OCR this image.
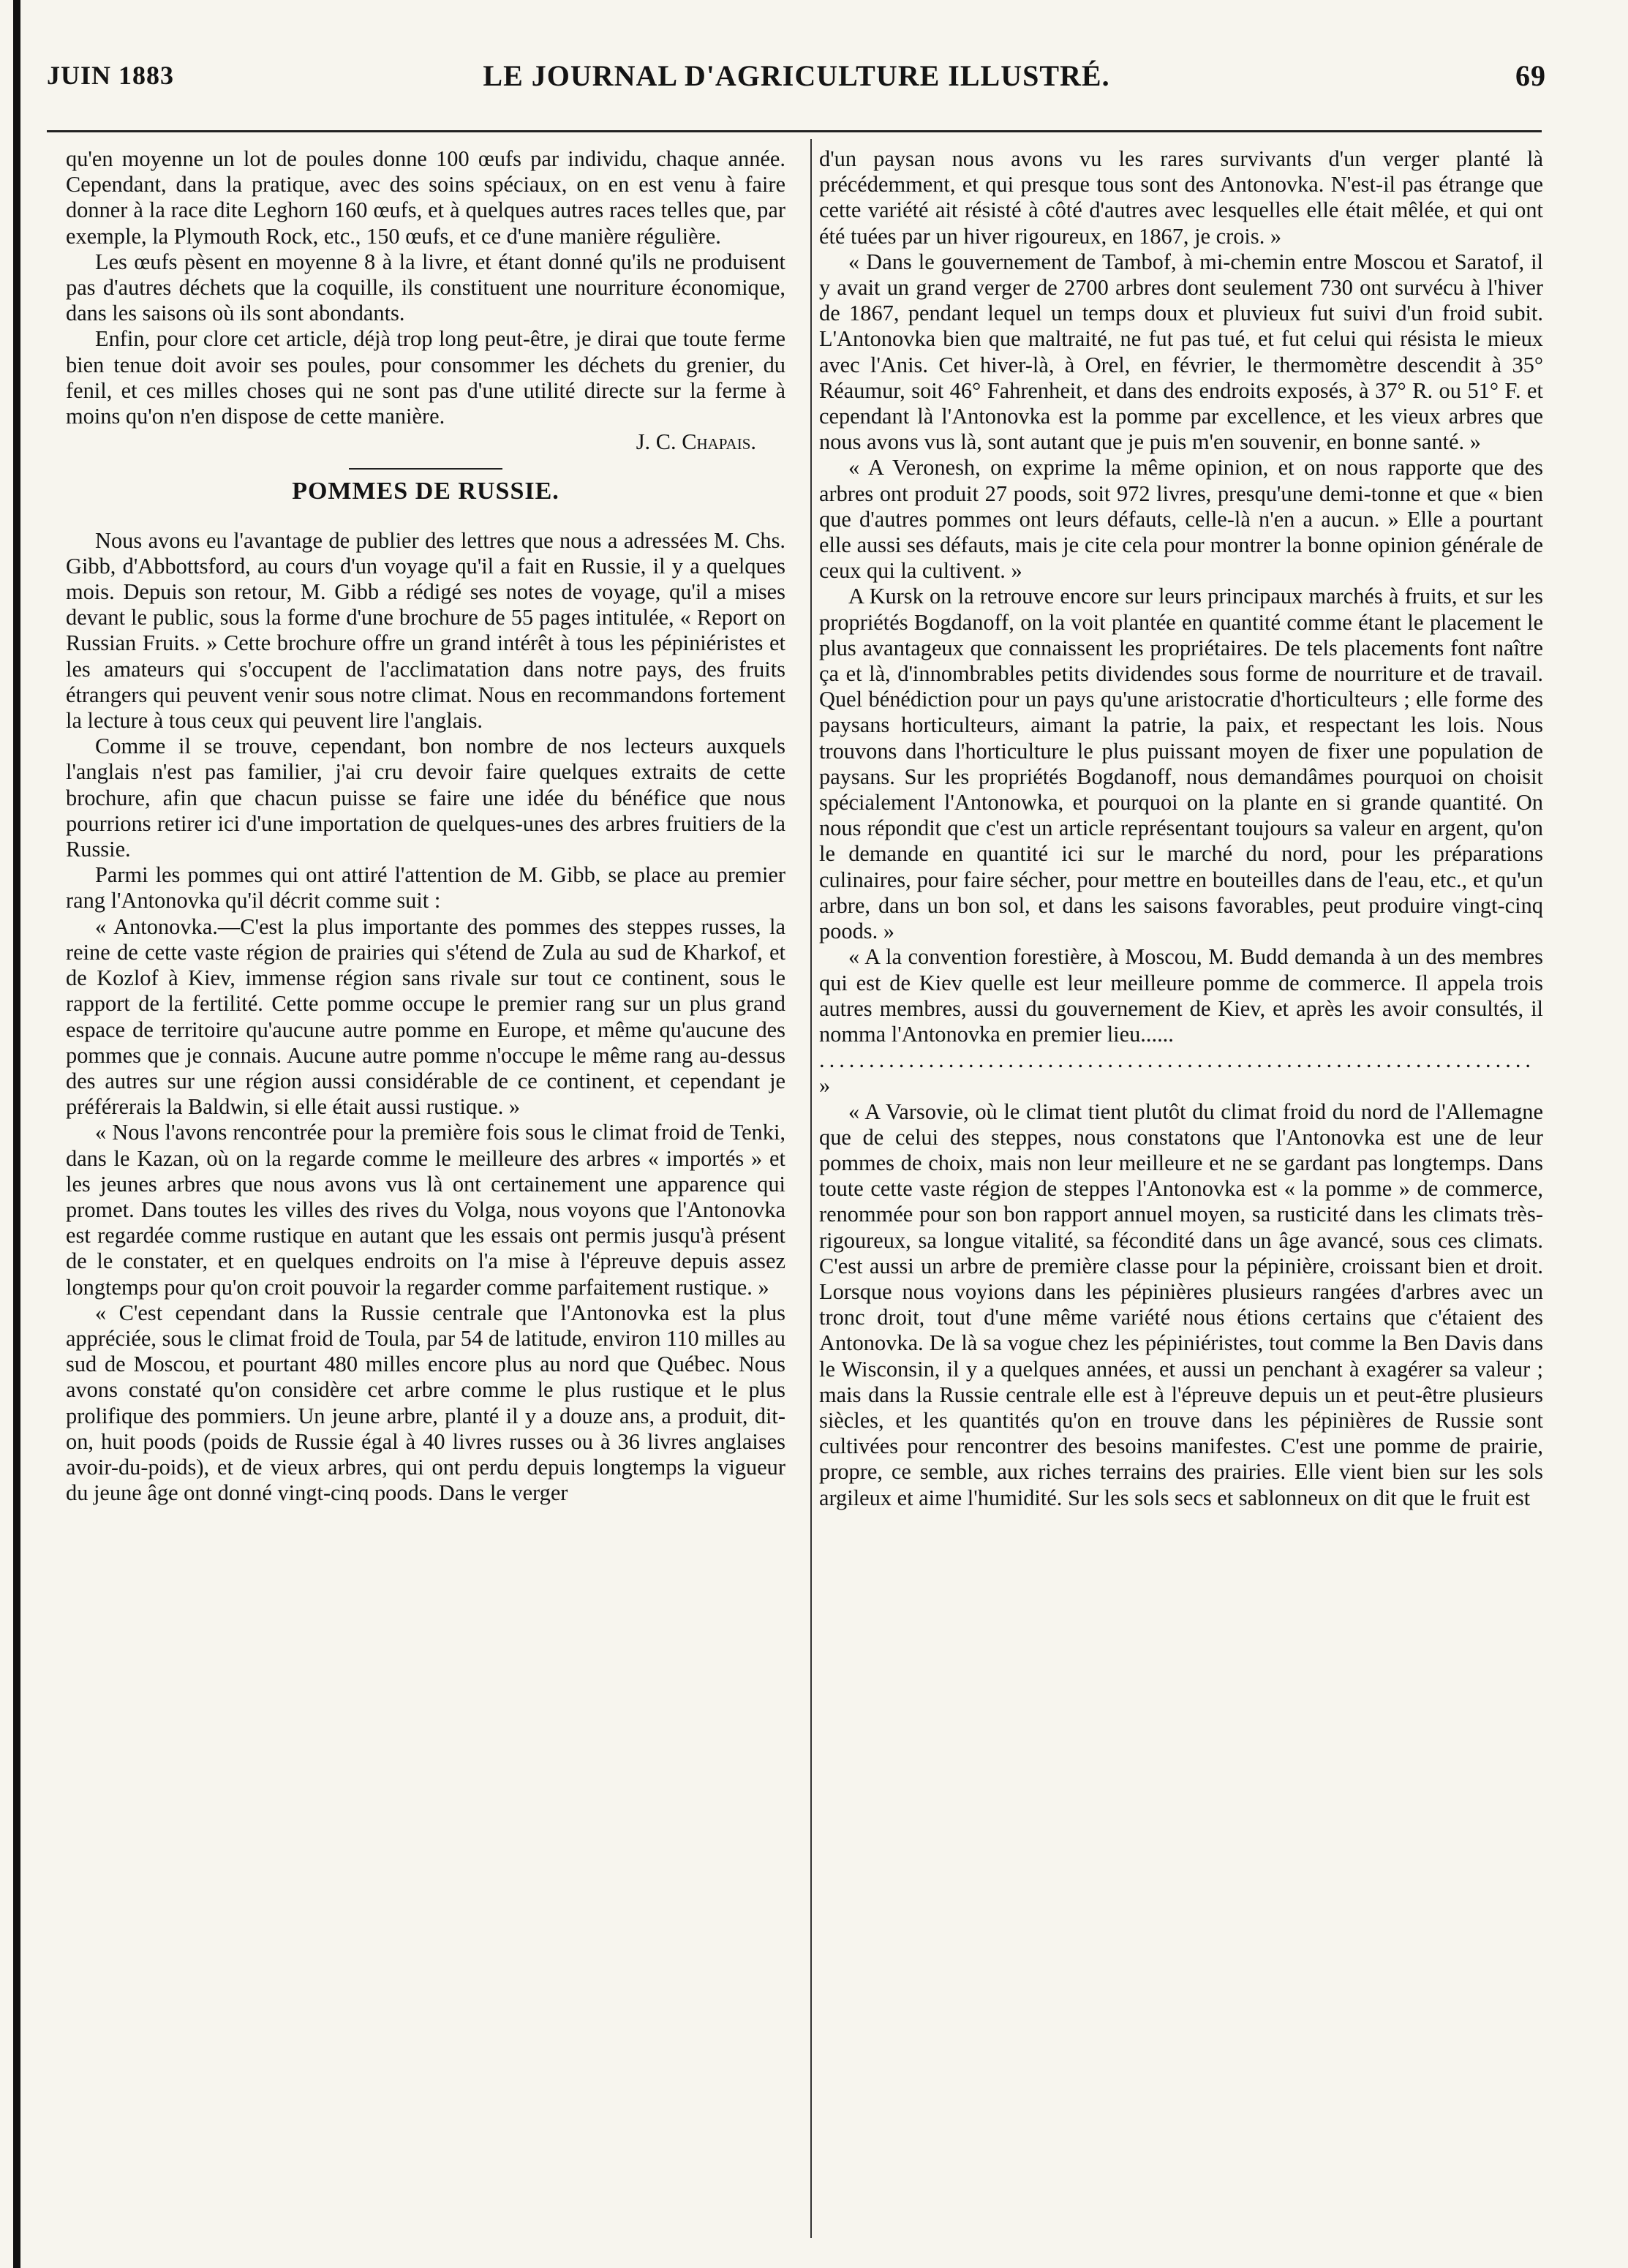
JUIN 1883	LE JOURNAL D'AGRICULTURE ILLUSTRÉ.	69

qu'en moyenne un lot de poules donne 100 œufs par individu, chaque année. Cependant, dans la pratique, avec des soins spéciaux, on en est venu à faire donner à la race dite Leghorn 160 œufs, et à quelques autres races telles que, par exemple, la Plymouth Rock, etc., 150 œufs, et ce d'une manière régulière.

Les œufs pèsent en moyenne 8 à la livre, et étant donné qu'ils ne produisent pas d'autres déchets que la coquille, ils constituent une nourriture économique, dans les saisons où ils sont abondants.

Enfin, pour clore cet article, déjà trop long peut-être, je dirai que toute ferme bien tenue doit avoir ses poules, pour consommer les déchets du grenier, du fenil, et ces milles choses qui ne sont pas d'une utilité directe sur la ferme à moins qu'on n'en dispose de cette manière.

J. C. Chapais.

POMMES DE RUSSIE.

Nous avons eu l'avantage de publier des lettres que nous a adressées M. Chs. Gibb, d'Abbottsford, au cours d'un voyage qu'il a fait en Russie, il y a quelques mois. Depuis son retour, M. Gibb a rédigé ses notes de voyage, qu'il a mises devant le public, sous la forme d'une brochure de 55 pages intitulée, « Report on Russian Fruits. » Cette brochure offre un grand intérêt à tous les pépiniéristes et les amateurs qui s'occupent de l'acclimatation dans notre pays, des fruits étrangers qui peuvent venir sous notre climat. Nous en recommandons fortement la lecture à tous ceux qui peuvent lire l'anglais.

Comme il se trouve, cependant, bon nombre de nos lecteurs auxquels l'anglais n'est pas familier, j'ai cru devoir faire quelques extraits de cette brochure, afin que chacun puisse se faire une idée du bénéfice que nous pourrions retirer ici d'une importation de quelques-unes des arbres fruitiers de la Russie.

Parmi les pommes qui ont attiré l'attention de M. Gibb, se place au premier rang l'Antonovka qu'il décrit comme suit :

« Antonovka.—C'est la plus importante des pommes des steppes russes, la reine de cette vaste région de prairies qui s'étend de Zula au sud de Kharkof, et de Kozlof à Kiev, immense région sans rivale sur tout ce continent, sous le rapport de la fertilité. Cette pomme occupe le premier rang sur un plus grand espace de territoire qu'aucune autre pomme en Europe, et même qu'aucune des pommes que je connais. Aucune autre pomme n'occupe le même rang au-dessus des autres sur une région aussi considérable de ce continent, et cependant je préférerais la Baldwin, si elle était aussi rustique. »

« Nous l'avons rencontrée pour la première fois sous le climat froid de Tenki, dans le Kazan, où on la regarde comme le meilleure des arbres « importés » et les jeunes arbres que nous avons vus là ont certainement une apparence qui promet. Dans toutes les villes des rives du Volga, nous voyons que l'Antonovka est regardée comme rustique en autant que les essais ont permis jusqu'à présent de le constater, et en quelques endroits on l'a mise à l'épreuve depuis assez longtemps pour qu'on croit pouvoir la regarder comme parfaitement rustique. »

« C'est cependant dans la Russie centrale que l'Antonovka est la plus appréciée, sous le climat froid de Toula, par 54 de latitude, environ 110 milles au sud de Moscou, et pourtant 480 milles encore plus au nord que Québec. Nous avons constaté qu'on considère cet arbre comme le plus rustique et le plus prolifique des pommiers. Un jeune arbre, planté il y a douze ans, a produit, dit-on, huit poods (poids de Russie égal à 40 livres russes ou à 36 livres anglaises avoir-du-poids), et de vieux arbres, qui ont perdu depuis longtemps la vigueur du jeune âge ont donné vingt-cinq poods. Dans le verger

d'un paysan nous avons vu les rares survivants d'un verger planté là précédemment, et qui presque tous sont des Antonovka. N'est-il pas étrange que cette variété ait résisté à côté d'autres avec lesquelles elle était mêlée, et qui ont été tuées par un hiver rigoureux, en 1867, je crois. »

« Dans le gouvernement de Tambof, à mi-chemin entre Moscou et Saratof, il y avait un grand verger de 2700 arbres dont seulement 730 ont survécu à l'hiver de 1867, pendant lequel un temps doux et pluvieux fut suivi d'un froid subit. L'Antonovka bien que maltraité, ne fut pas tué, et fut celui qui résista le mieux avec l'Anis. Cet hiver-là, à Orel, en février, le thermomètre descendit à 35° Réaumur, soit 46° Fahrenheit, et dans des endroits exposés, à 37° R. ou 51° F. et cependant là l'Antonovka est la pomme par excellence, et les vieux arbres que nous avons vus là, sont autant que je puis m'en souvenir, en bonne santé. »

« A Veronesh, on exprime la même opinion, et on nous rapporte que des arbres ont produit 27 poods, soit 972 livres, presqu'une demi-tonne et que « bien que d'autres pommes ont leurs défauts, celle-là n'en a aucun. » Elle a pourtant elle aussi ses défauts, mais je cite cela pour montrer la bonne opinion générale de ceux qui la cultivent. »

A Kursk on la retrouve encore sur leurs principaux marchés à fruits, et sur les propriétés Bogdanoff, on la voit plantée en quantité comme étant le placement le plus avantageux que connaissent les propriétaires. De tels placements font naître ça et là, d'innombrables petits dividendes sous forme de nourriture et de travail. Quel bénédiction pour un pays qu'une aristocratie d'horticulteurs ; elle forme des paysans horticulteurs, aimant la patrie, la paix, et respectant les lois. Nous trouvons dans l'horticulture le plus puissant moyen de fixer une population de paysans. Sur les propriétés Bogdanoff, nous demandâmes pourquoi on choisit spécialement l'Antonowka, et pourquoi on la plante en si grande quantité. On nous répondit que c'est un article représentant toujours sa valeur en argent, qu'on le demande en quantité ici sur le marché du nord, pour les préparations culinaires, pour faire sécher, pour mettre en bouteilles dans de l'eau, etc., et qu'un arbre, dans un bon sol, et dans les saisons favorables, peut produire vingt-cinq poods. »

« A la convention forestière, à Moscou, M. Budd demanda à un des membres qui est de Kiev quelle est leur meilleure pomme de commerce. Il appela trois autres membres, aussi du gouvernement de Kiev, et après les avoir consultés, il nomma l'Antonovka en premier lieu......

........................................................................

»

« A Varsovie, où le climat tient plutôt du climat froid du nord de l'Allemagne que de celui des steppes, nous constatons que l'Antonovka est une de leur pommes de choix, mais non leur meilleure et ne se gardant pas longtemps. Dans toute cette vaste région de steppes l'Antonovka est « la pomme » de commerce, renommée pour son bon rapport annuel moyen, sa rusticité dans les climats très-rigoureux, sa longue vitalité, sa fécondité dans un âge avancé, sous ces climats. C'est aussi un arbre de première classe pour la pépinière, croissant bien et droit. Lorsque nous voyions dans les pépinières plusieurs rangées d'arbres avec un tronc droit, tout d'une même variété nous étions certains que c'étaient des Antonovka. De là sa vogue chez les pépiniéristes, tout comme la Ben Davis dans le Wisconsin, il y a quelques années, et aussi un penchant à exagérer sa valeur ; mais dans la Russie centrale elle est à l'épreuve depuis un et peut-être plusieurs siècles, et les quantités qu'on en trouve dans les pépinières de Russie sont cultivées pour rencontrer des besoins manifestes. C'est une pomme de prairie, propre, ce semble, aux riches terrains des prairies. Elle vient bien sur les sols argileux et aime l'humidité. Sur les sols secs et sablonneux on dit que le fruit est
